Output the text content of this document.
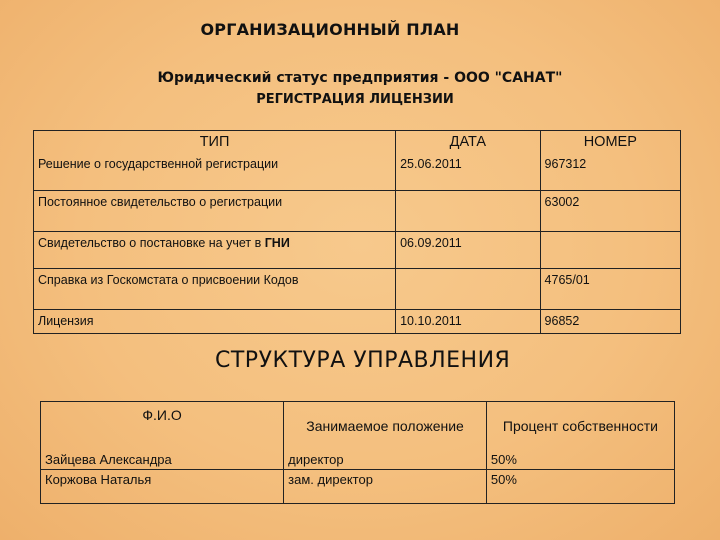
ОРГАНИЗАЦИОННЫЙ ПЛАН
Юридический статус предприятия - ООО "САНАТ"
РЕГИСТРАЦИЯ ЛИЦЕНЗИИ
ТИП	ДАТА	НОМЕР
Решение о государственной регистрации	25.06.2011	967312
Постоянное свидетельство о регистрации		63002
Свидетельство о постановке на учет в ГНИ	06.09.2011	
Справка из Госкомстата о присвоении Кодов		4765/01
Лицензия	10.10.2011	96852
СТРУКТУРА УПРАВЛЕНИЯ
Ф.И.О	Занимаемое положение	Процент собственности
Зайцева Александра	директор	50%
Коржова Наталья	зам. директор	50%
